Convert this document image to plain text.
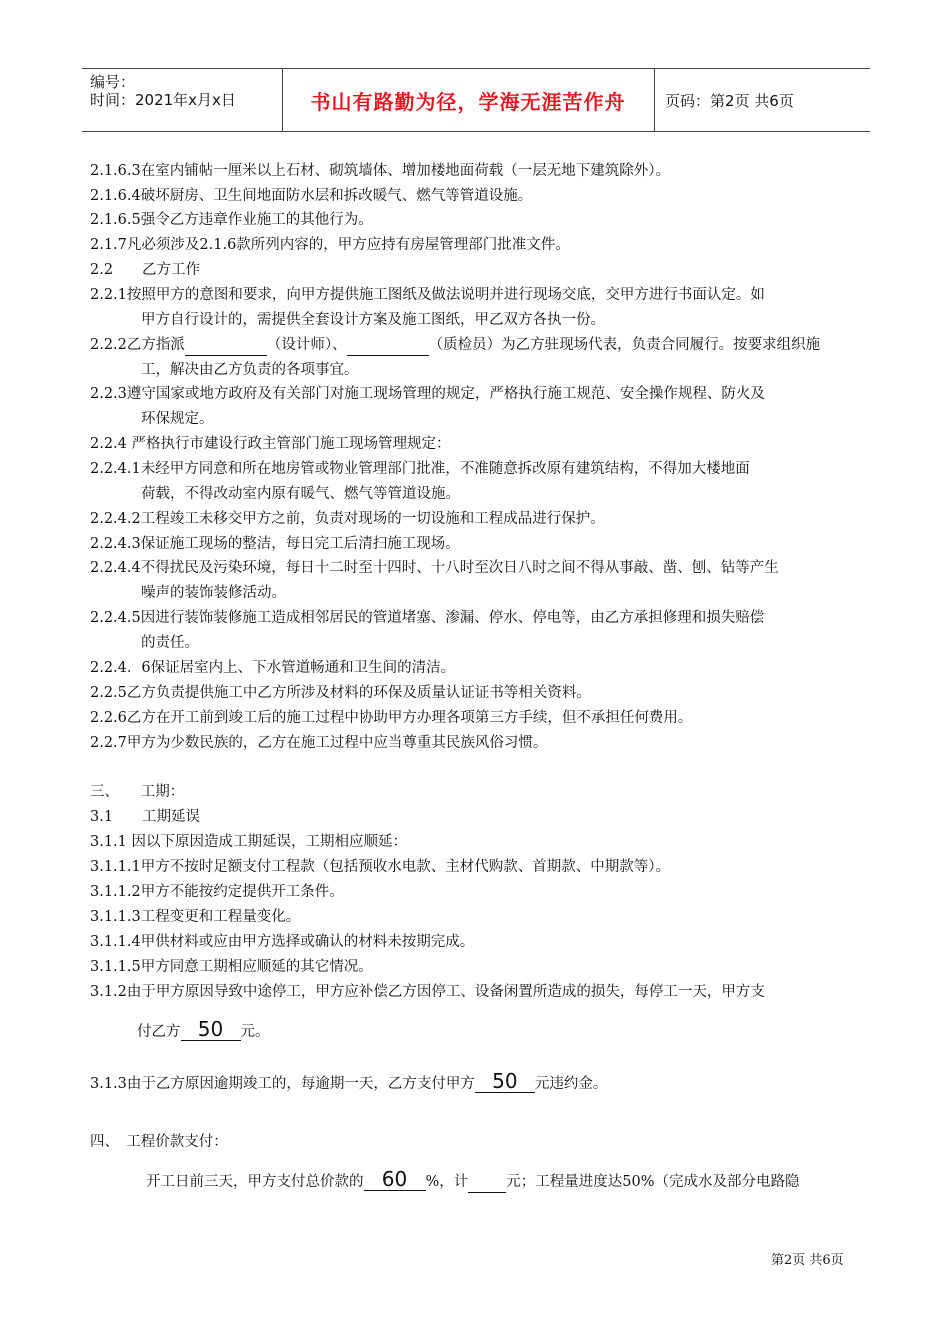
编号：
时间：2021年x月x日	书山有路勤为径，学海无涯苦作舟	页码：第2页 共6页
2.1.6.3在室内铺帖一厘米以上石材、砌筑墙体、增加楼地面荷载（一层无地下建筑除外）。
2.1.6.4破坏厨房、卫生间地面防水层和拆改暖气、燃气等管道设施。
2.1.6.5强令乙方违章作业施工的其他行为。
2.1.7凡必须涉及2.1.6款所列内容的，甲方应持有房屋管理部门批准文件。
2.2　　乙方工作
2.2.1按照甲方的意图和要求，向甲方提供施工图纸及做法说明并进行现场交底，交甲方进行书面认定。如
甲方自行设计的，需提供全套设计方案及施工图纸，甲乙双方各执一份。
2.2.2乙方指派	（设计师）、	（质检员）为乙方驻现场代表，负责合同履行。按要求组织施
工，解决由乙方负责的各项事宜。
2.2.3遵守国家或地方政府及有关部门对施工现场管理的规定，严格执行施工规范、安全操作规程、防火及
环保规定。
2.2.4 严格执行市建设行政主管部门施工现场管理规定：
2.2.4.1未经甲方同意和所在地房管或物业管理部门批准，不准随意拆改原有建筑结构，不得加大楼地面
荷载，不得改动室内原有暖气、燃气等管道设施。
2.2.4.2工程竣工未移交甲方之前，负责对现场的一切设施和工程成品进行保护。
2.2.4.3保证施工现场的整洁，每日完工后清扫施工现场。
2.2.4.4不得扰民及污染环境，每日十二时至十四时、十八时至次日八时之间不得从事敲、凿、刨、钻等产生
噪声的装饰装修活动。
2.2.4.5因进行装饰装修施工造成相邻居民的管道堵塞、渗漏、停水、停电等，由乙方承担修理和损失赔偿
的责任。
2.2.4．6保证居室内上、下水管道畅通和卫生间的清洁。
2.2.5乙方负责提供施工中乙方所涉及材料的环保及质量认证证书等相关资料。
2.2.6乙方在开工前到竣工后的施工过程中协助甲方办理各项第三方手续，但不承担任何费用。
2.2.7甲方为少数民族的，乙方在施工过程中应当尊重其民族风俗习惯。
三、　　工期：
3.1　　工期延误
3.1.1 因以下原因造成工期延误，工期相应顺延：
3.1.1.1甲方不按时足额支付工程款（包括预收水电款、主材代购款、首期款、中期款等）。
3.1.1.2甲方不能按约定提供开工条件。
3.1.1.3工程变更和工程量变化。
3.1.1.4甲供材料或应由甲方选择或确认的材料未按期完成。
3.1.1.5甲方同意工期相应顺延的其它情况。
3.1.2由于甲方原因导致中途停工，甲方应补偿乙方因停工、设备闲置所造成的损失，每停工一天，甲方支
付乙方 50 元。
3.1.3由于乙方原因逾期竣工的，每逾期一天，乙方支付甲方 50 元违约金。
四、　工程价款支付：
开工日前三天，甲方支付总价款的 60 %，计	元；工程量进度达50%（完成水及部分电路隐
第2页 共6页
